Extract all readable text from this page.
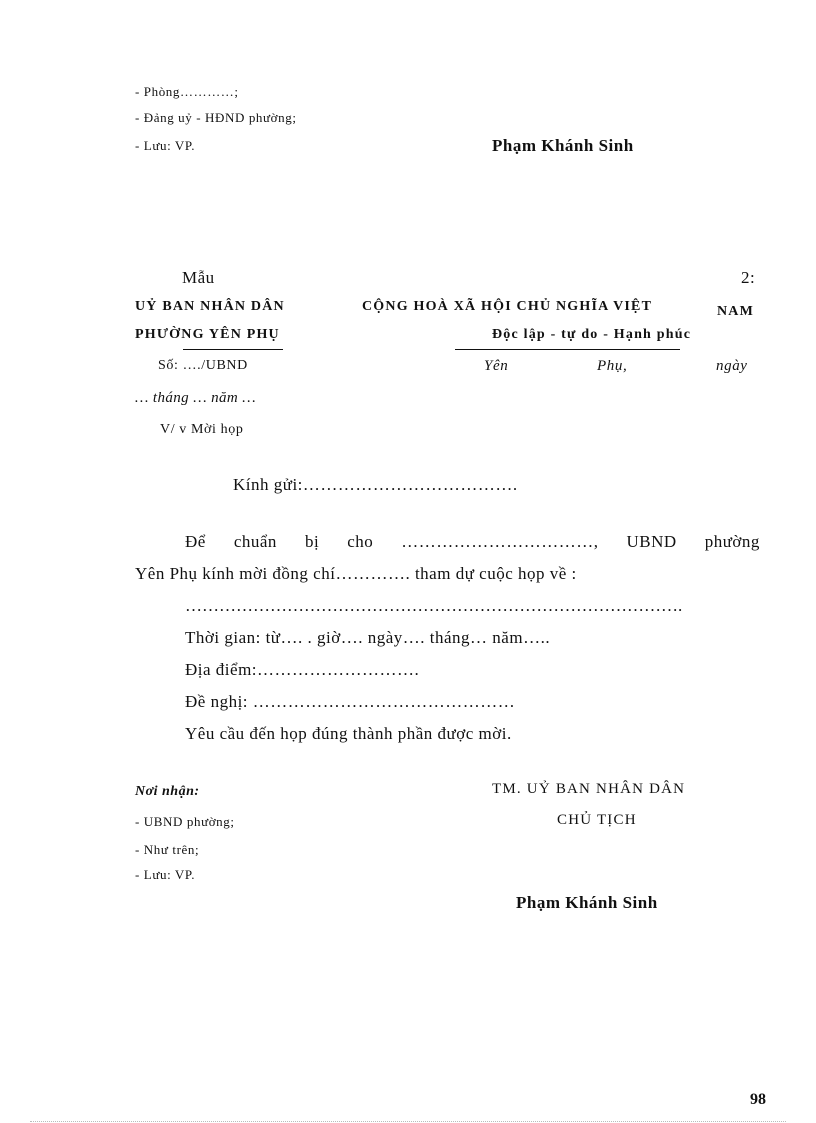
- Phòng…………;
- Đảng uỷ - HĐND phường;
- Lưu: VP.	Phạm Khánh Sinh
Mẫu	2:
UỶ BAN NHÂN DÂN
PHƯỜNG YÊN PHỤ
CỘNG HOÀ XÃ HỘI CHỦ NGHĨA VIỆT	NAM
Độc lập - tự do - Hạnh phúc
Số: …./UBND	Yên	Phụ,	ngày
… tháng … năm …
V/ v Mời họp
Kính gửi:……………………………….
Để chuẩn bị cho ……………………………, UBND phường
Yên Phụ kính mời đồng chí…………. tham dự cuộc họp về :
…………………………………………………………………………….
Thời gian: từ…. . giờ…. ngày…. tháng… năm…..
Địa điểm:……………………….
Đề nghị: ………………………………………
Yêu cầu đến họp đúng thành phần được mời.
Nơi nhận:
- UBND phường;
- Như trên;
- Lưu: VP.
TM. UỶ BAN NHÂN DÂN
CHỦ TỊCH
Phạm Khánh Sinh
98
